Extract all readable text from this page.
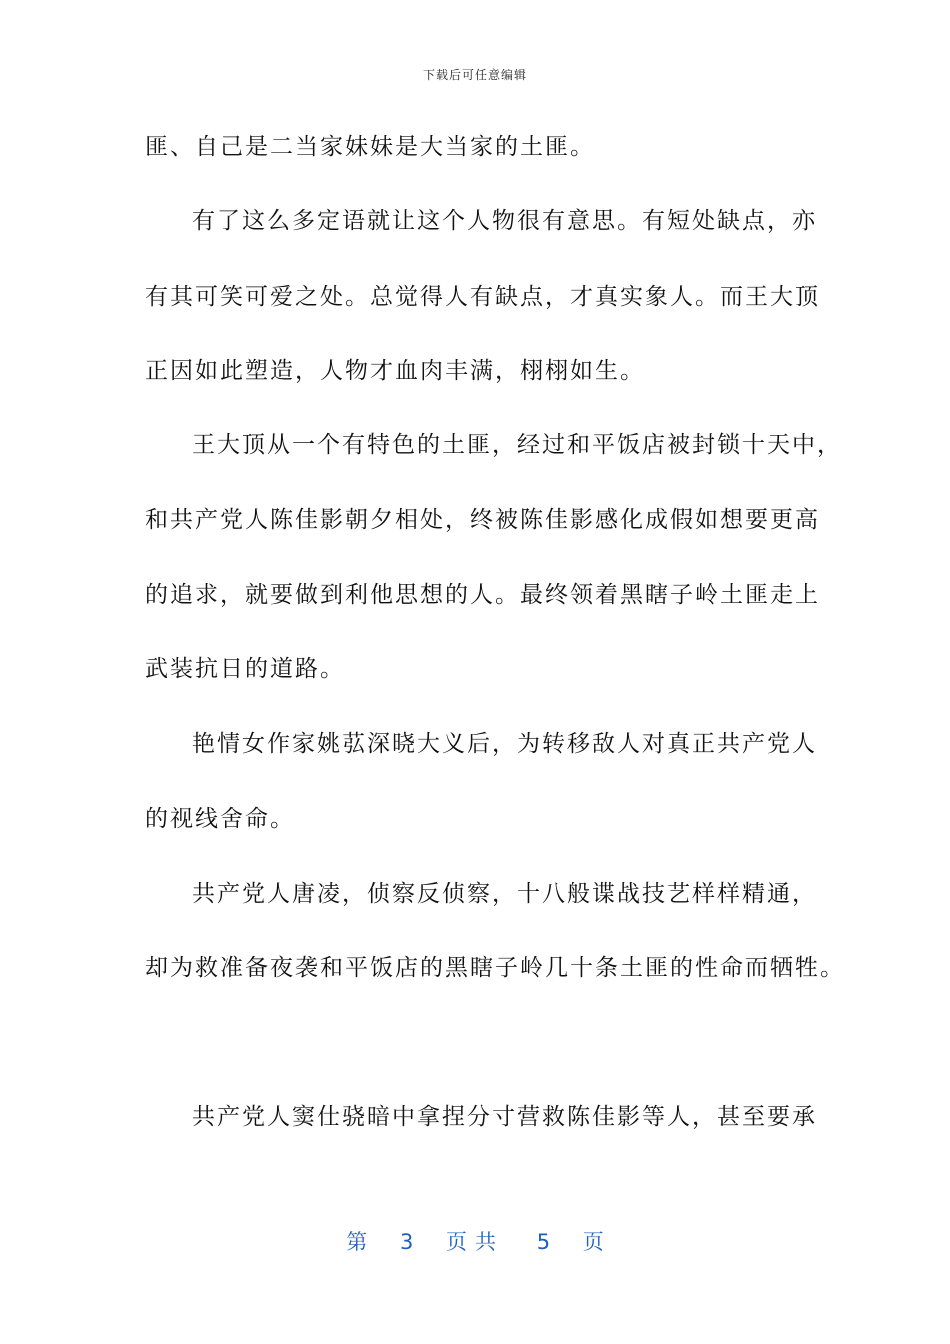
下载后可任意编辑
匪、自己是二当家妹妹是大当家的土匪。
有了这么多定语就让这个人物很有意思。有短处缺点，亦
有其可笑可爱之处。总觉得人有缺点，才真实象人。而王大顶
正因如此塑造，人物才血肉丰满，栩栩如生。
王大顶从一个有特色的土匪，经过和平饭店被封锁十天中，
和共产党人陈佳影朝夕相处，终被陈佳影感化成假如想要更高
的追求，就要做到利他思想的人。最终领着黑瞎子岭土匪走上
武装抗日的道路。
艳情女作家姚苰深晓大义后，为转移敌人对真正共产党人
的视线舍命。
共产党人唐凌，侦察反侦察，十八般谍战技艺样样精通，
却为救准备夜袭和平饭店的黑瞎子岭几十条土匪的性命而牺牲。
共产党人窦仕骁暗中拿捏分寸营救陈佳影等人，甚至要承
第 3 页共 5 页
